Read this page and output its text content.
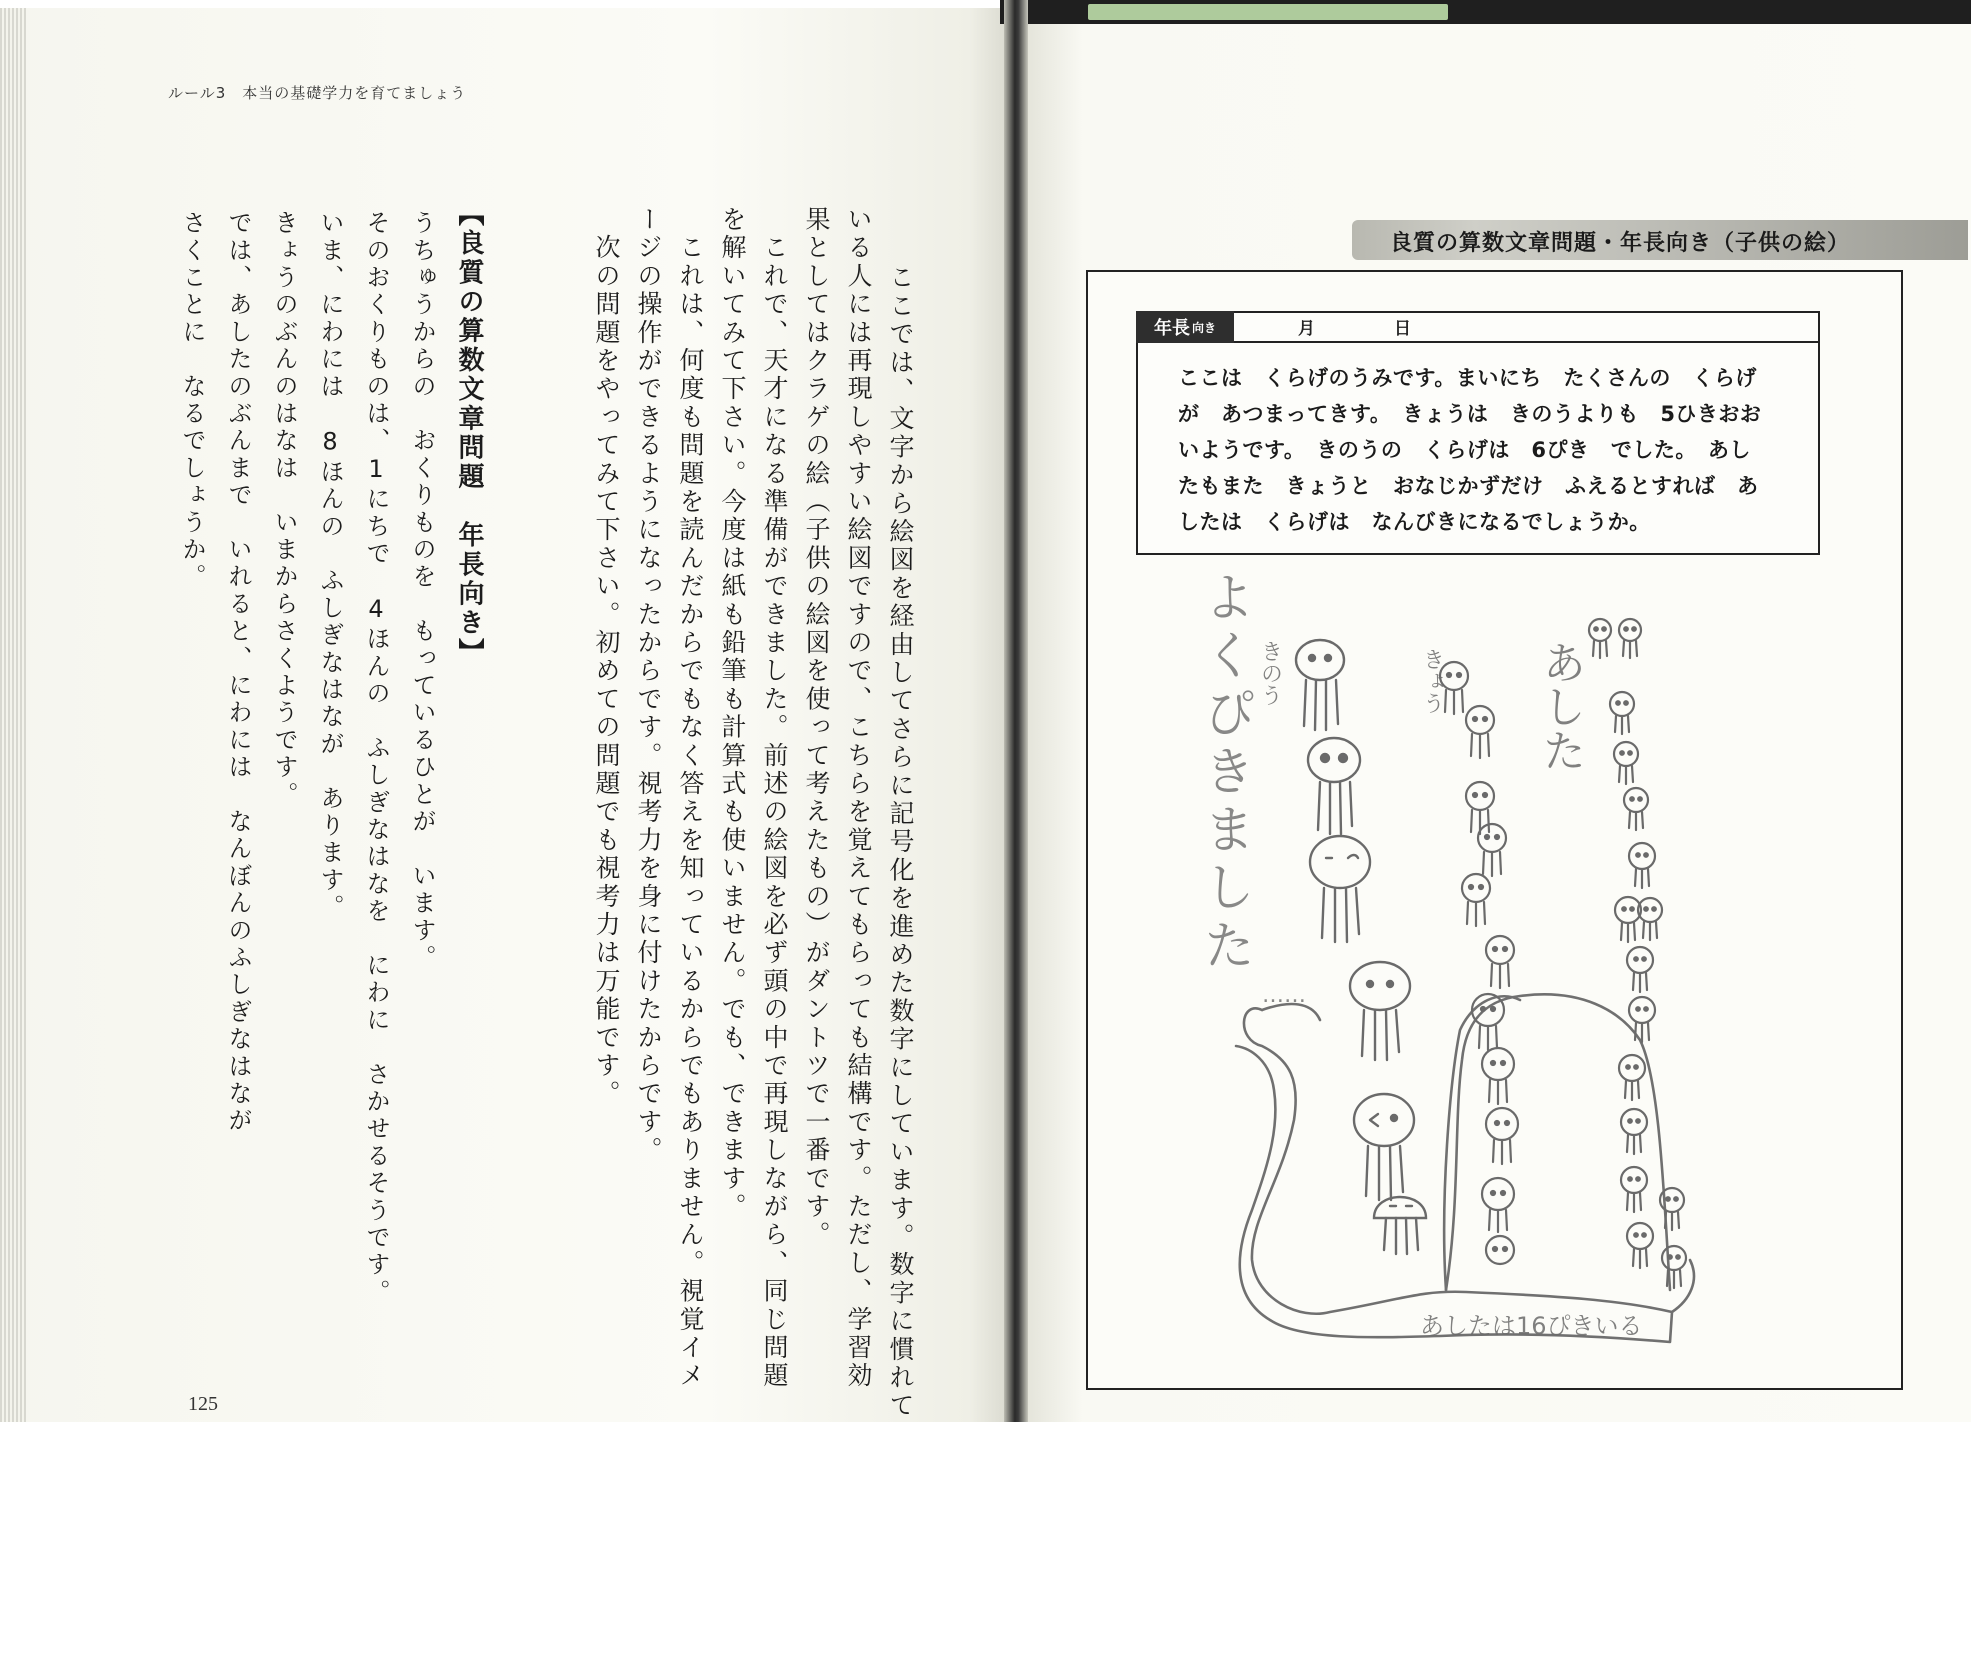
ルール3　本当の基礎学力を育てましょう
125	　ここでは、文字から絵図を経由してさらに記号化を進めた数字にしています。数字に慣れて
いる人には再現しやすい絵図ですので、こちらを覚えてもらっても結構です。ただし、学習効
果としてはクラゲの絵（子供の絵図を使って考えたもの）がダントツで一番です。
　これで、天才になる準備ができました。前述の絵図を必ず頭の中で再現しながら、同じ問題
を解いてみて下さい。今度は紙も鉛筆も計算式も使いません。でも、できます。
　これは、何度も問題を読んだからでもなく答えを知っているからでもありません。視覚イメ
ージの操作ができるようになったからです。視考力を身に付けたからです。
　次の問題をやってみて下さい。初めての問題でも視考力は万能です。
【良質の算数文章問題　年長向き】
うちゅうからの　おくりものを　もっているひとが　います。
そのおくりものは、1にちで　4ほんの　ふしぎなはなを　にわに　さかせるそうです。
いま、にわには　8ほんの　ふしぎなはなが　あります。
きょうのぶんのはなは　いまからさくようです。
では、あしたのぶんまで　いれると、にわには　なんぼんのふしぎなはなが
さくことに　なるでしょうか。	良質の算数文章問題・年長向き（子供の絵）
年長 向き	月	日
ここは　くらげのうみです。まいにち　たくさんの　くらげ
が　あつまってきす。　きょうは　きのうよりも　5ひきおお
いようです。　きのうの　くらげは　6ぴき　でした。　あし
たもまた　きょうと　おなじかずだけ　ふえるとすれば　あ
したは　くらげは　なんびきになるでしょうか。
あした
きょう
きのう
よくぴきました
……
あしたは16ぴきいる
